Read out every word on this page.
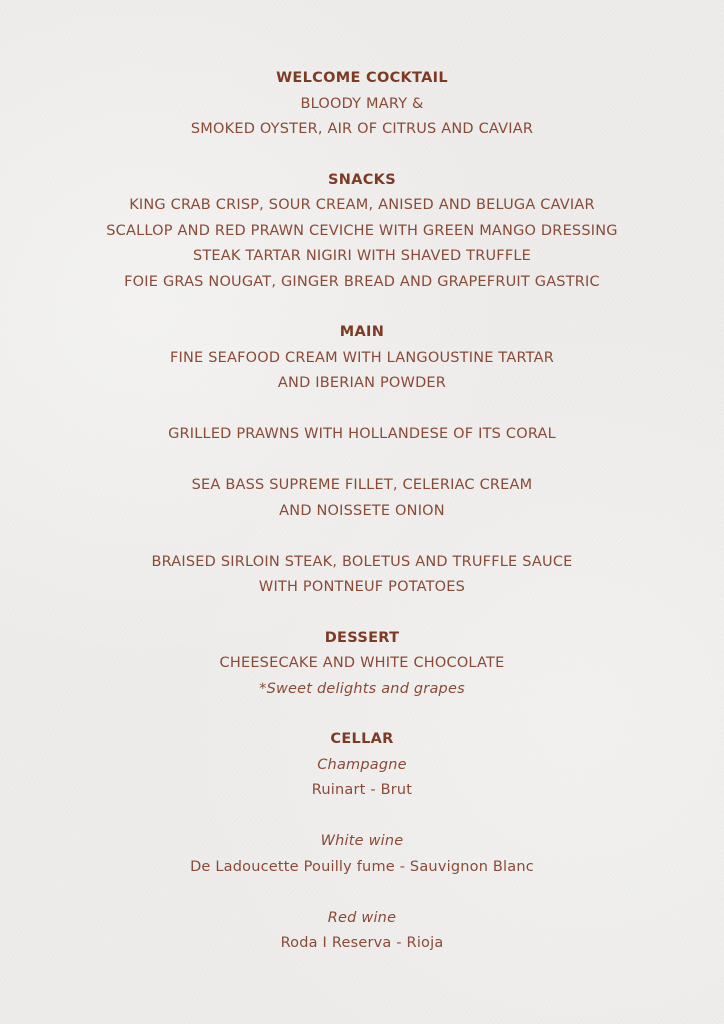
WELCOME COCKTAIL
BLOODY MARY &
SMOKED OYSTER, AIR OF CITRUS AND CAVIAR
SNACKS
KING CRAB CRISP, SOUR CREAM, ANISED AND BELUGA CAVIAR
SCALLOP AND RED PRAWN CEVICHE WITH GREEN MANGO DRESSING
STEAK TARTAR NIGIRI WITH SHAVED TRUFFLE
FOIE GRAS NOUGAT, GINGER BREAD AND GRAPEFRUIT GASTRIC
MAIN
FINE SEAFOOD CREAM WITH LANGOUSTINE TARTAR
AND IBERIAN POWDER
GRILLED PRAWNS WITH HOLLANDESE OF ITS CORAL
SEA BASS SUPREME FILLET, CELERIAC CREAM
AND NOISSETE ONION
BRAISED SIRLOIN STEAK, BOLETUS AND TRUFFLE SAUCE
WITH PONTNEUF POTATOES
DESSERT
CHEESECAKE AND WHITE CHOCOLATE
*Sweet delights and grapes
CELLAR
Champagne
Ruinart - Brut
White wine
De Ladoucette Pouilly fume - Sauvignon Blanc
Red wine
Roda I Reserva - Rioja
